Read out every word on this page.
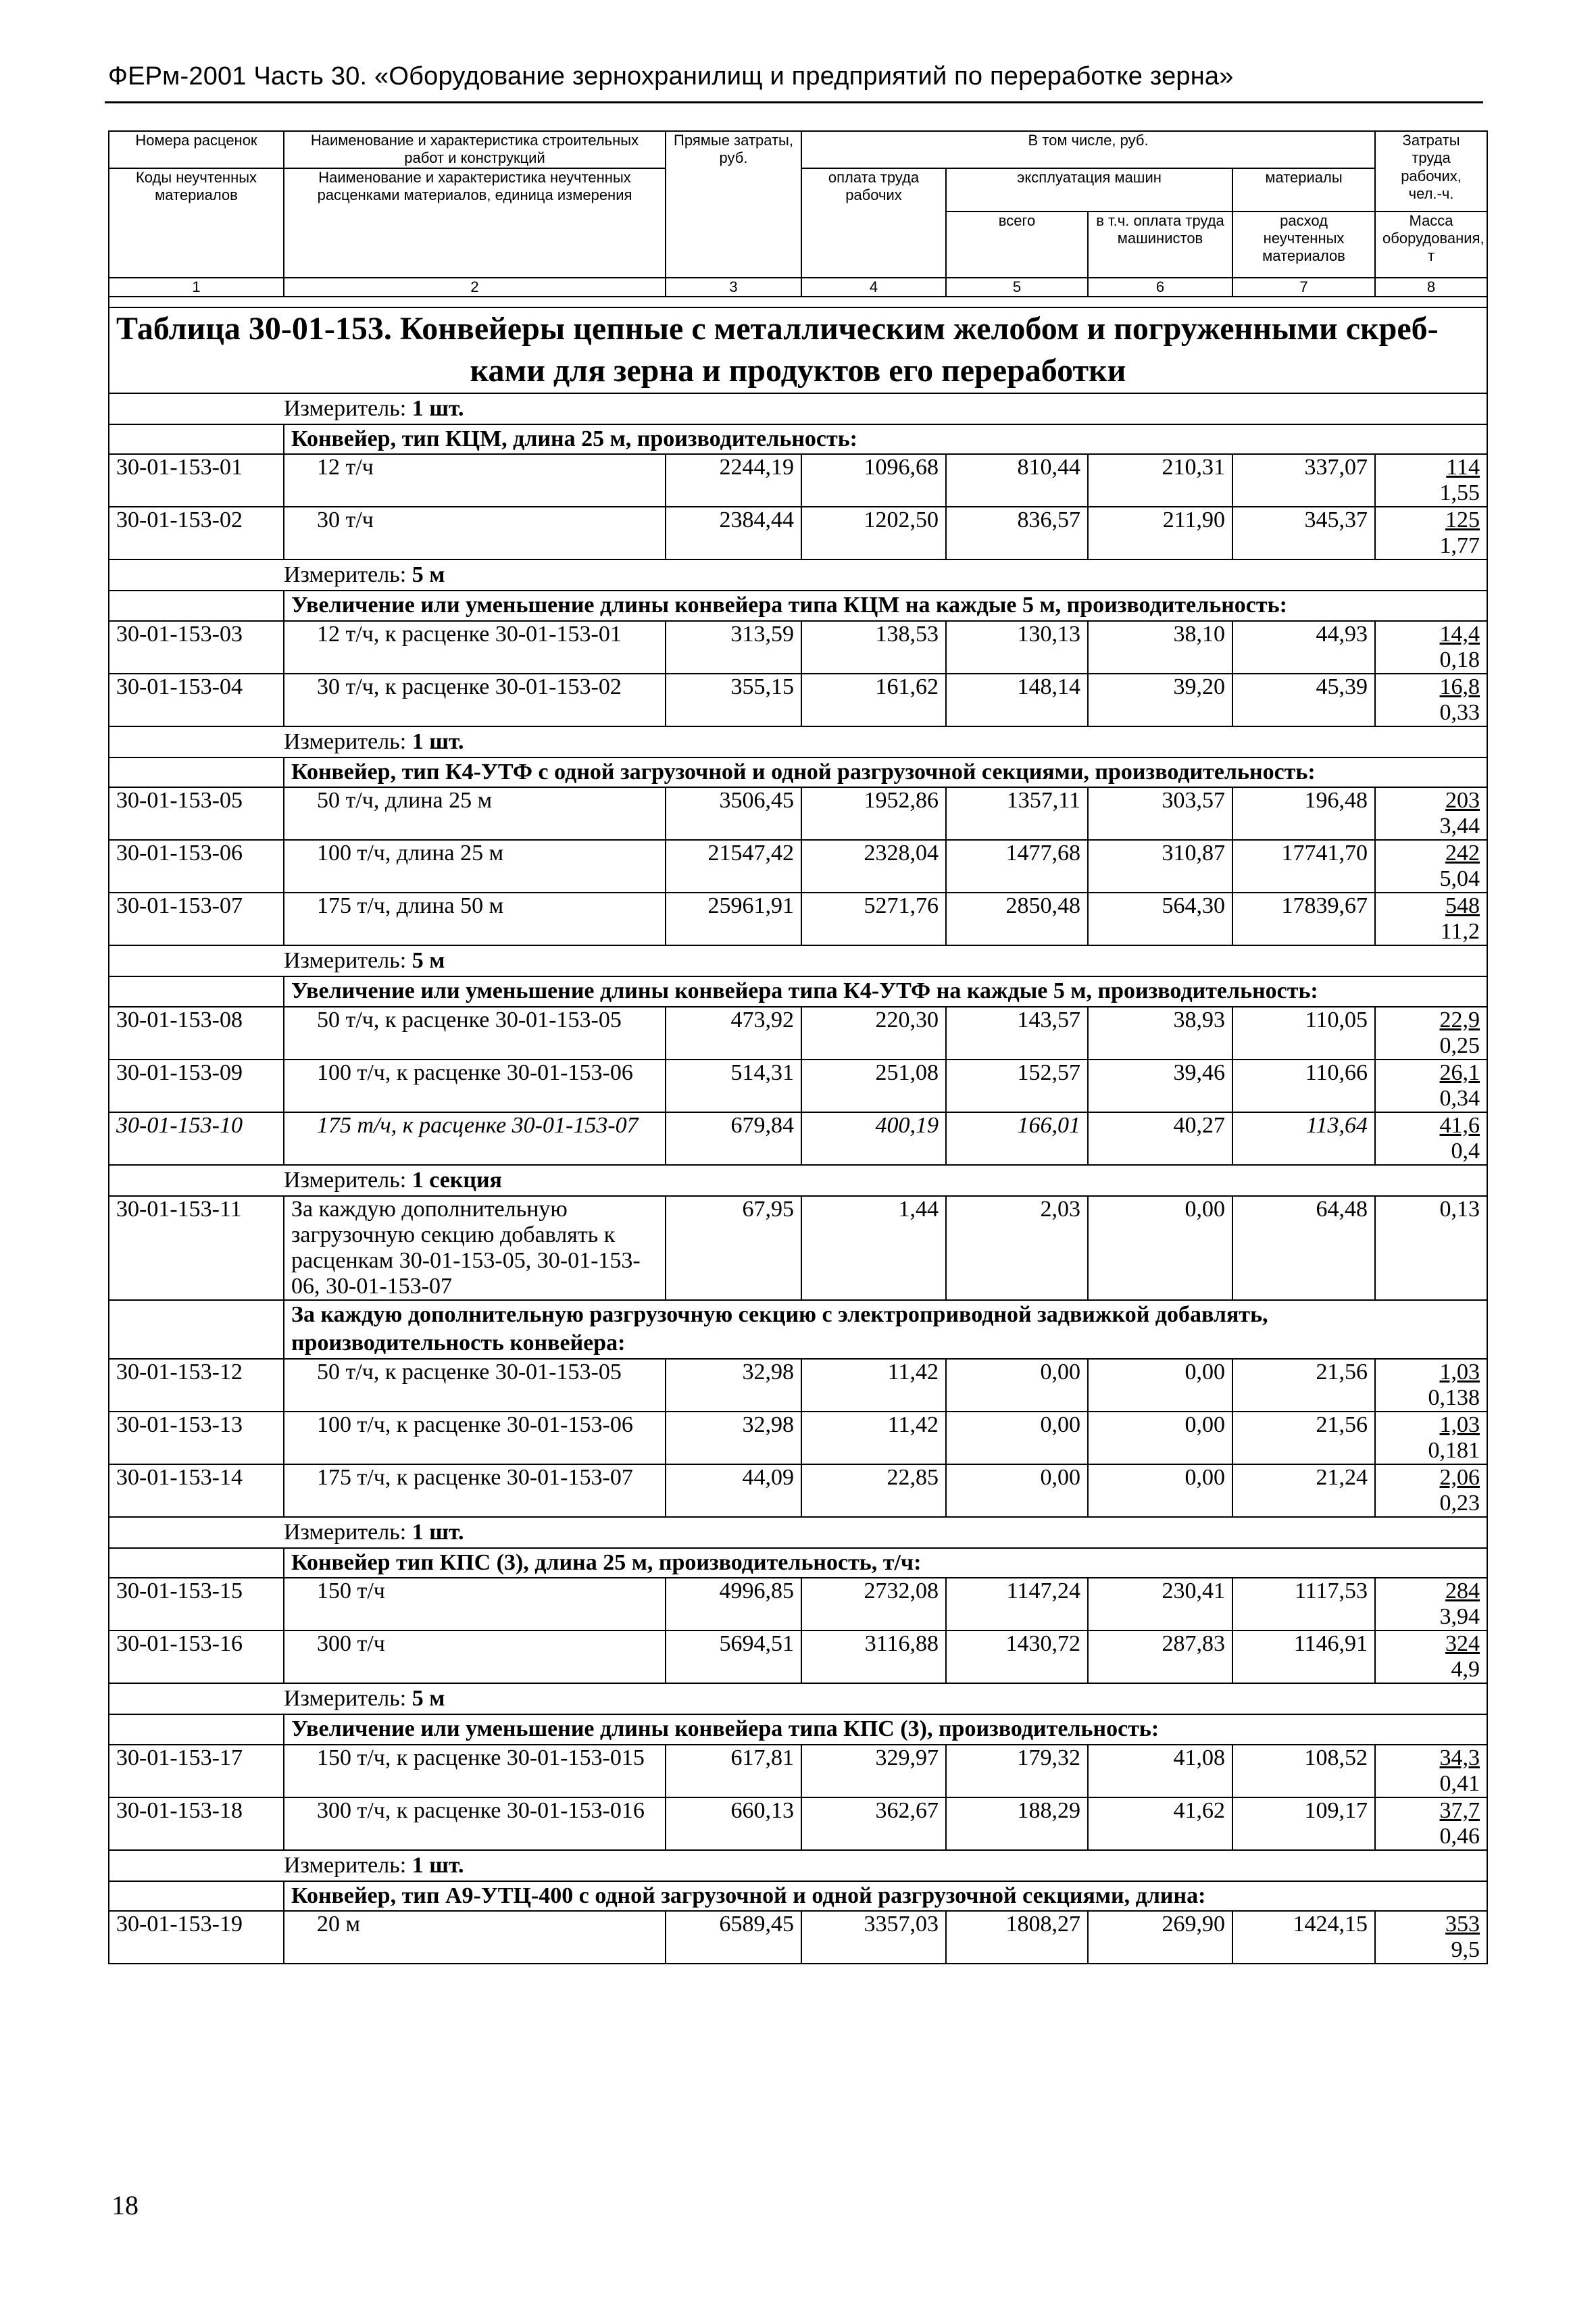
ФЕРм-2001 Часть 30. «Оборудование зернохранилищ и предприятий по переработке зерна»
Номера расценок	Наименование и характеристика строительных работ и конструкций	Прямые затраты, руб.	В том числе, руб.				Затраты труда рабочих, чел.-ч.
Коды неучтенных материалов	Наименование и характеристика неучтенных расценками материалов, единица измерения		оплата труда рабочих	эксплуатация машин		материалы	
				всего	в т.ч. оплата труда машинистов	расход неучтенных материалов	Масса оборудования, т
1	2	3	4	5	6	7	8

Таблица 30-01-153. Конвейеры цепные с металлическим желобом и погруженными скреб-
ками для зерна и продуктов его переработки							

	Измеритель: 1 шт.						
	Конвейер, тип КЦМ, длина 25 м, производительность:						
30-01-153-01	12 т/ч	2244,19	1096,68	810,44	210,31	337,07	114
1,55

30-01-153-02	30 т/ч	2384,44	1202,50	836,57	211,90	345,37	125
1,77

	Измеритель: 5 м						
	Увеличение или уменьшение длины конвейера типа КЦМ на каждые 5 м, производительность:						
30-01-153-03	12 т/ч, к расценке 30-01-153-01	313,59	138,53	130,13	38,10	44,93	14,4
0,18

30-01-153-04	30 т/ч, к расценке 30-01-153-02	355,15	161,62	148,14	39,20	45,39	16,8
0,33

	Измеритель: 1 шт.						
	Конвейер, тип К4-УТФ с одной загрузочной и одной разгрузочной секциями, производительность:						
30-01-153-05	50 т/ч, длина 25 м	3506,45	1952,86	1357,11	303,57	196,48	203
3,44

30-01-153-06	100 т/ч, длина 25 м	21547,42	2328,04	1477,68	310,87	17741,70	242
5,04

30-01-153-07	175 т/ч, длина 50 м	25961,91	5271,76	2850,48	564,30	17839,67	548
11,2

	Измеритель: 5 м						
	Увеличение или уменьшение длины конвейера типа К4-УТФ на каждые 5 м, производительность:						
30-01-153-08	50 т/ч, к расценке 30-01-153-05	473,92	220,30	143,57	38,93	110,05	22,9
0,25

30-01-153-09	100 т/ч, к расценке 30-01-153-06	514,31	251,08	152,57	39,46	110,66	26,1
0,34

30-01-153-10	175 т/ч, к расценке 30-01-153-07	679,84	400,19	166,01	40,27	113,64	41,6
0,4

	Измеритель: 1 секция						
30-01-153-11	За каждую дополнительную загрузочную секцию добавлять к расценкам 30-01-153-05, 30-01-153-06, 30-01-153-07	67,95	1,44	2,03	0,00	64,48	0,13

	За каждую дополнительную разгрузочную секцию с электроприводной задвижкой добавлять, производительность конвейера:						
30-01-153-12	50 т/ч, к расценке 30-01-153-05	32,98	11,42	0,00	0,00	21,56	1,03
0,138

30-01-153-13	100 т/ч, к расценке 30-01-153-06	32,98	11,42	0,00	0,00	21,56	1,03
0,181

30-01-153-14	175 т/ч, к расценке 30-01-153-07	44,09	22,85	0,00	0,00	21,24	2,06
0,23

	Измеритель: 1 шт.						
	Конвейер тип КПС (3), длина 25 м, производительность, т/ч:						
30-01-153-15	150 т/ч	4996,85	2732,08	1147,24	230,41	1117,53	284
3,94

30-01-153-16	300 т/ч	5694,51	3116,88	1430,72	287,83	1146,91	324
4,9

	Измеритель: 5 м						
	Увеличение или уменьшение длины конвейера типа КПС (3), производительность:						
30-01-153-17	150 т/ч, к расценке 30-01-153-015	617,81	329,97	179,32	41,08	108,52	34,3
0,41

30-01-153-18	300 т/ч, к расценке 30-01-153-016	660,13	362,67	188,29	41,62	109,17	37,7
0,46

	Измеритель: 1 шт.						
	Конвейер, тип А9-УТЦ-400 с одной загрузочной и одной разгрузочной секциями, длина:						
30-01-153-19	20 м	6589,45	3357,03	1808,27	269,90	1424,15	353
9,5
18
